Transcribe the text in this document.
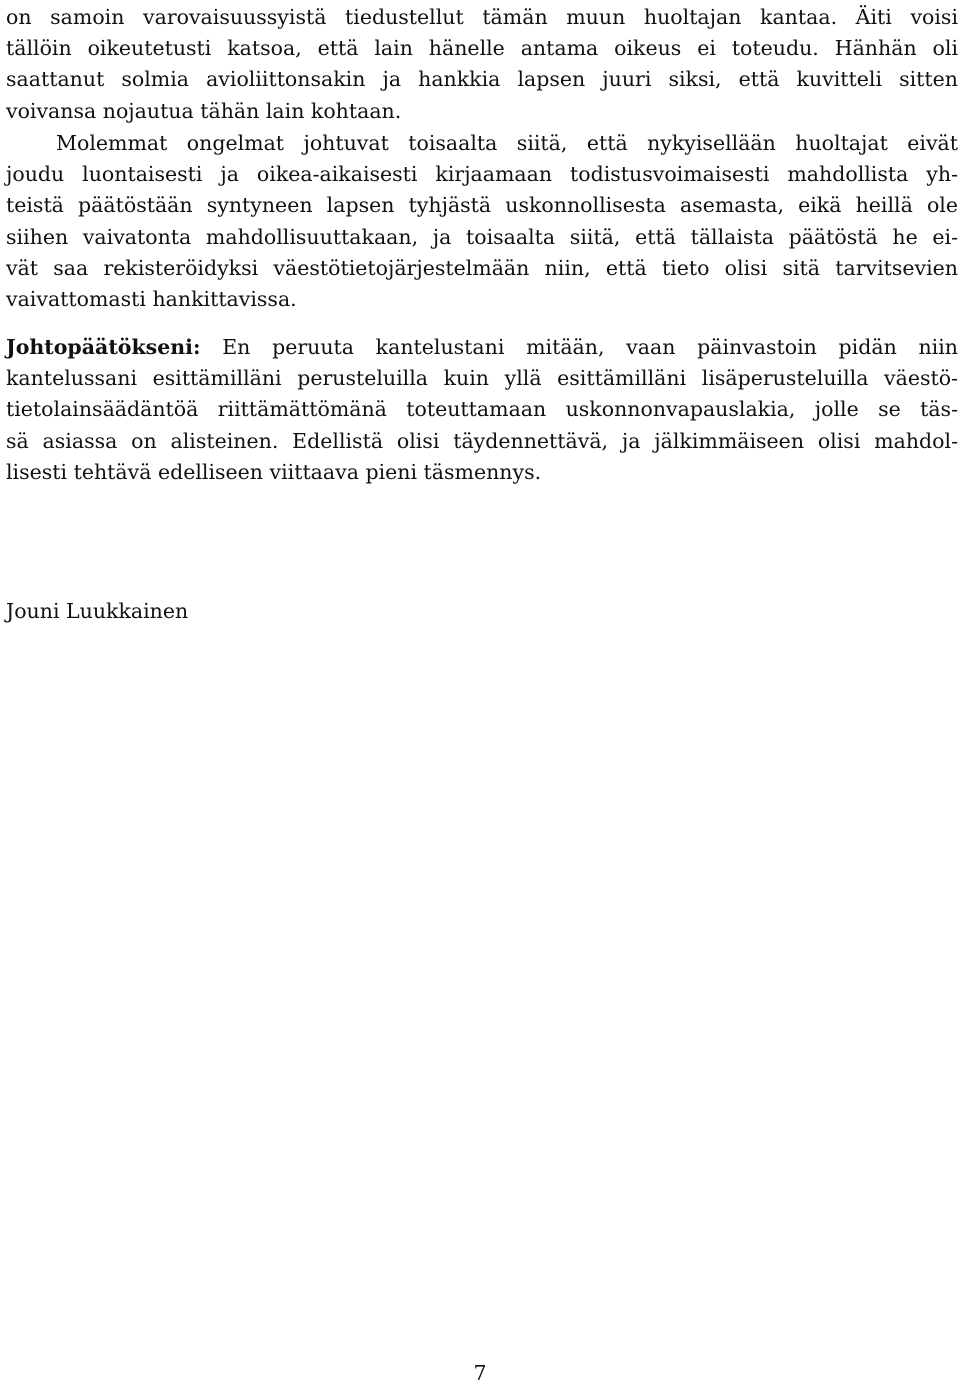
on samoin varovaisuussyistä tiedustellut tämän muun huoltajan kantaa. Äiti voisi
tällöin oikeutetusti katsoa, että lain hänelle antama oikeus ei toteudu. Hänhän oli
saattanut solmia avioliittonsakin ja hankkia lapsen juuri siksi, että kuvitteli sitten
voivansa nojautua tähän lain kohtaan.
Molemmat ongelmat johtuvat toisaalta siitä, että nykyisellään huoltajat eivät
joudu luontaisesti ja oikea-aikaisesti kirjaamaan todistusvoimaisesti mahdollista yh-
teistä päätöstään syntyneen lapsen tyhjästä uskonnollisesta asemasta, eikä heillä ole
siihen vaivatonta mahdollisuuttakaan, ja toisaalta siitä, että tällaista päätöstä he ei-
vät saa rekisteröidyksi väestötietojärjestelmään niin, että tieto olisi sitä tarvitsevien
vaivattomasti hankittavissa.
Johtopäätökseni: En peruuta kantelustani mitään, vaan päinvastoin pidän niin
kantelussani esittämilläni perusteluilla kuin yllä esittämilläni lisäperusteluilla väestö-
tietolainsäädäntöä riittämättömänä toteuttamaan uskonnonvapauslakia, jolle se täs-
sä asiassa on alisteinen. Edellistä olisi täydennettävä, ja jälkimmäiseen olisi mahdol-
lisesti tehtävä edelliseen viittaava pieni täsmennys.
Jouni Luukkainen
7
